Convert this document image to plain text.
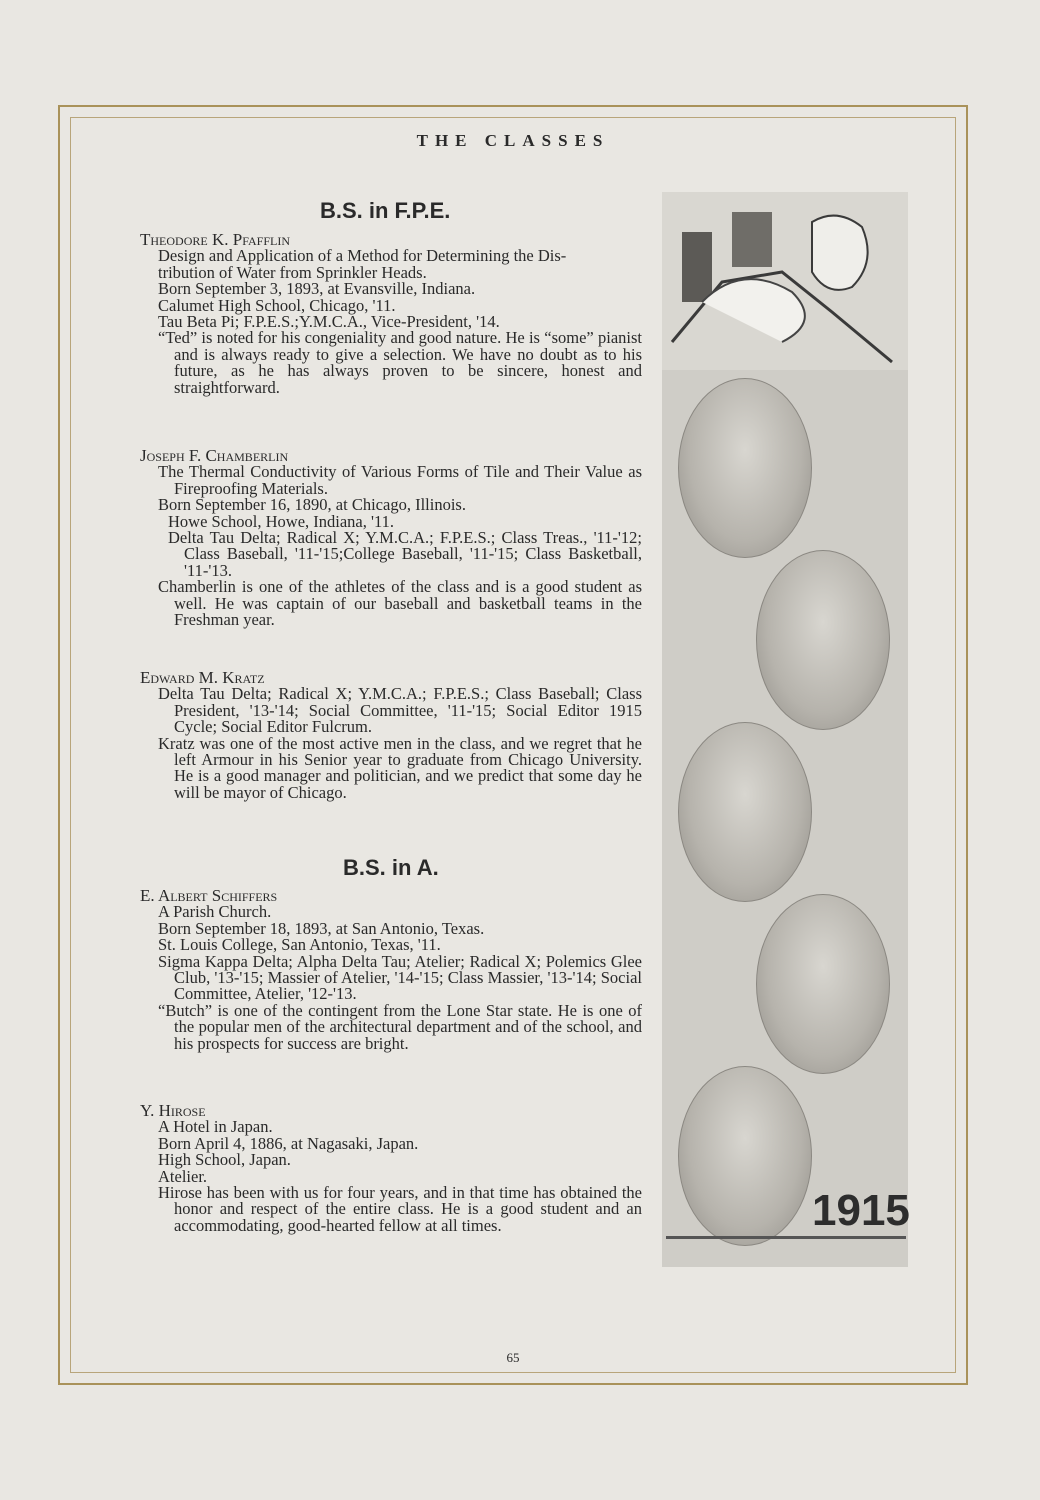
THE CLASSES
B.S. in F.P.E.
Theodore K. Pfafflin
Design and Application of a Method for Determining the Dis-
tribution of Water from Sprinkler Heads.
Born September 3, 1893, at Evansville, Indiana.
Calumet High School, Chicago, '11.
Tau Beta Pi; F.P.E.S.;Y.M.C.A., Vice-President, '14.
“Ted” is noted for his congeniality and good nature. He is “some” pianist and is always ready to give a selection. We have no doubt as to his future, as he has always proven to be sincere, honest and straightforward.
Joseph F. Chamberlin
The Thermal Conductivity of Various Forms of Tile and Their Value as Fireproofing Materials.
Born September 16, 1890, at Chicago, Illinois.
Howe School, Howe, Indiana, '11.
Delta Tau Delta; Radical X; Y.M.C.A.; F.P.E.S.; Class Treas., '11-'12; Class Baseball, '11-'15;College Baseball, '11-'15; Class Basketball, '11-'13.
Chamberlin is one of the athletes of the class and is a good student as well. He was captain of our baseball and basketball teams in the Freshman year.
Edward M. Kratz
Delta Tau Delta; Radical X; Y.M.C.A.; F.P.E.S.; Class Baseball; Class President, '13-'14; Social Committee, '11-'15; Social Editor 1915 Cycle; Social Editor Fulcrum.
Kratz was one of the most active men in the class, and we regret that he left Armour in his Senior year to graduate from Chicago University. He is a good manager and politician, and we predict that some day he will be mayor of Chicago.
B.S. in A.
E. Albert Schiffers
A Parish Church.
Born September 18, 1893, at San Antonio, Texas.
St. Louis College, San Antonio, Texas, '11.
Sigma Kappa Delta; Alpha Delta Tau; Atelier; Radical X; Polemics Glee Club, '13-'15; Massier of Atelier, '14-'15; Class Massier, '13-'14; Social Committee, Atelier, '12-'13.
“Butch” is one of the contingent from the Lone Star state. He is one of the popular men of the architectural department and of the school, and his prospects for success are bright.
Y. Hirose
A Hotel in Japan.
Born April 4, 1886, at Nagasaki, Japan.
High School, Japan.
Atelier.
Hirose has been with us for four years, and in that time has obtained the honor and respect of the entire class. He is a good student and an accommodating, good-hearted fellow at all times.	1915
65
